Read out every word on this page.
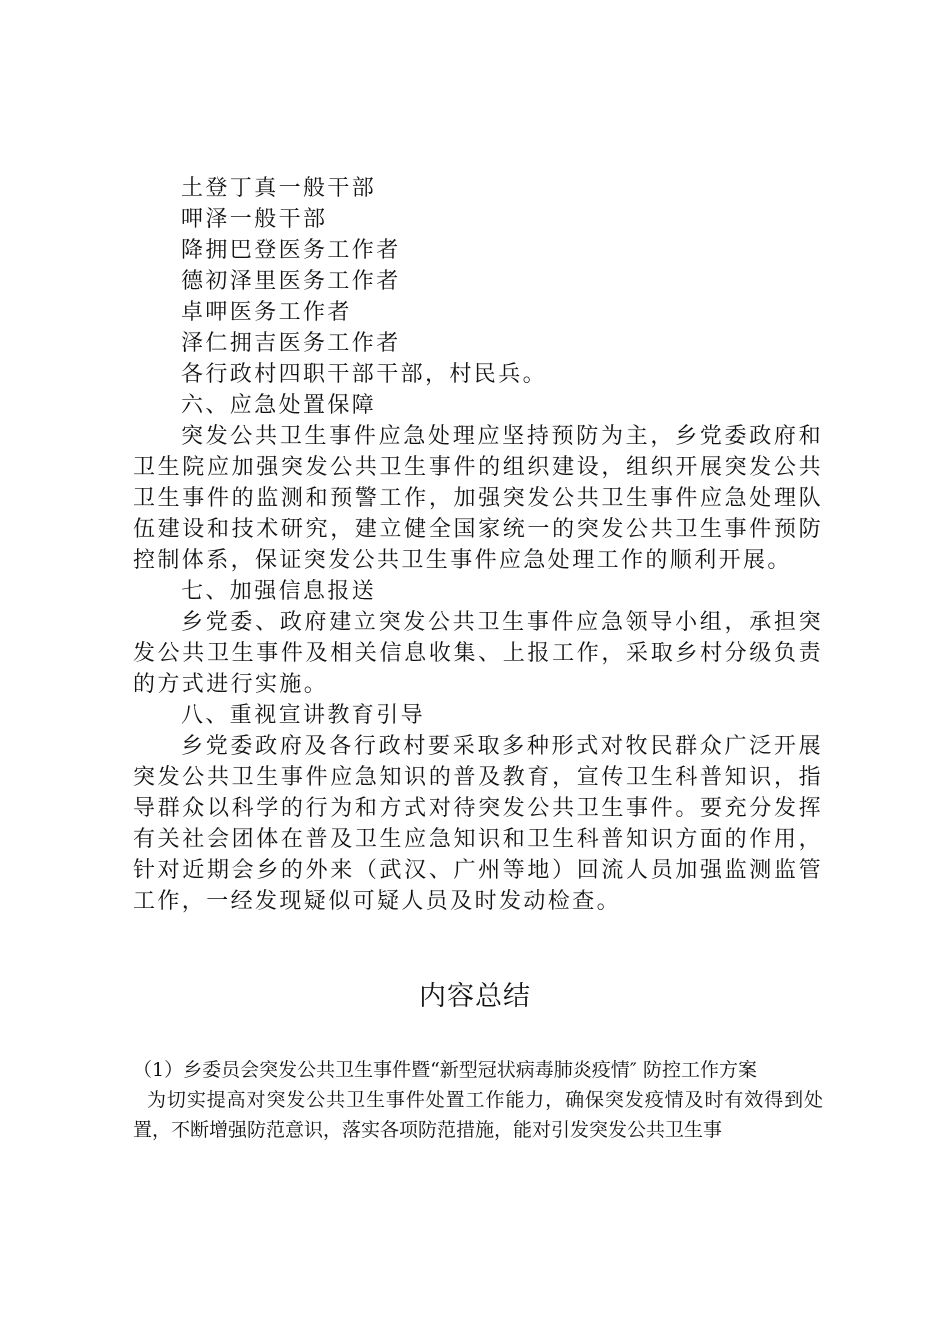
土登丁真一般干部

呷泽一般干部

降拥巴登医务工作者

德初泽里医务工作者

卓呷医务工作者

泽仁拥吉医务工作者

各行政村四职干部干部，村民兵。

六、应急处置保障

突发公共卫生事件应急处理应坚持预防为主，乡党委政府和卫生院应加强突发公共卫生事件的组织建设，组织开展突发公共卫生事件的监测和预警工作，加强突发公共卫生事件应急处理队伍建设和技术研究，建立健全国家统一的突发公共卫生事件预防控制体系，保证突发公共卫生事件应急处理工作的顺利开展。

七、加强信息报送

乡党委、政府建立突发公共卫生事件应急领导小组，承担突发公共卫生事件及相关信息收集、上报工作，采取乡村分级负责的方式进行实施。

八、重视宣讲教育引导

乡党委政府及各行政村要采取多种形式对牧民群众广泛开展突发公共卫生事件应急知识的普及教育，宣传卫生科普知识，指导群众以科学的行为和方式对待突发公共卫生事件。要充分发挥有关社会团体在普及卫生应急知识和卫生科普知识方面的作用，针对近期会乡的外来（武汉、广州等地）回流人员加强监测监管工作，一经发现疑似可疑人员及时发动检查。

内容总结

（1）乡委员会突发公共卫生事件暨“新型冠状病毒肺炎疫情″ 防控工作方案

为切实提高对突发公共卫生事件处置工作能力，确保突发疫情及时有效得到处置，不断增强防范意识，落实各项防范措施，能对引发突发公共卫生事
